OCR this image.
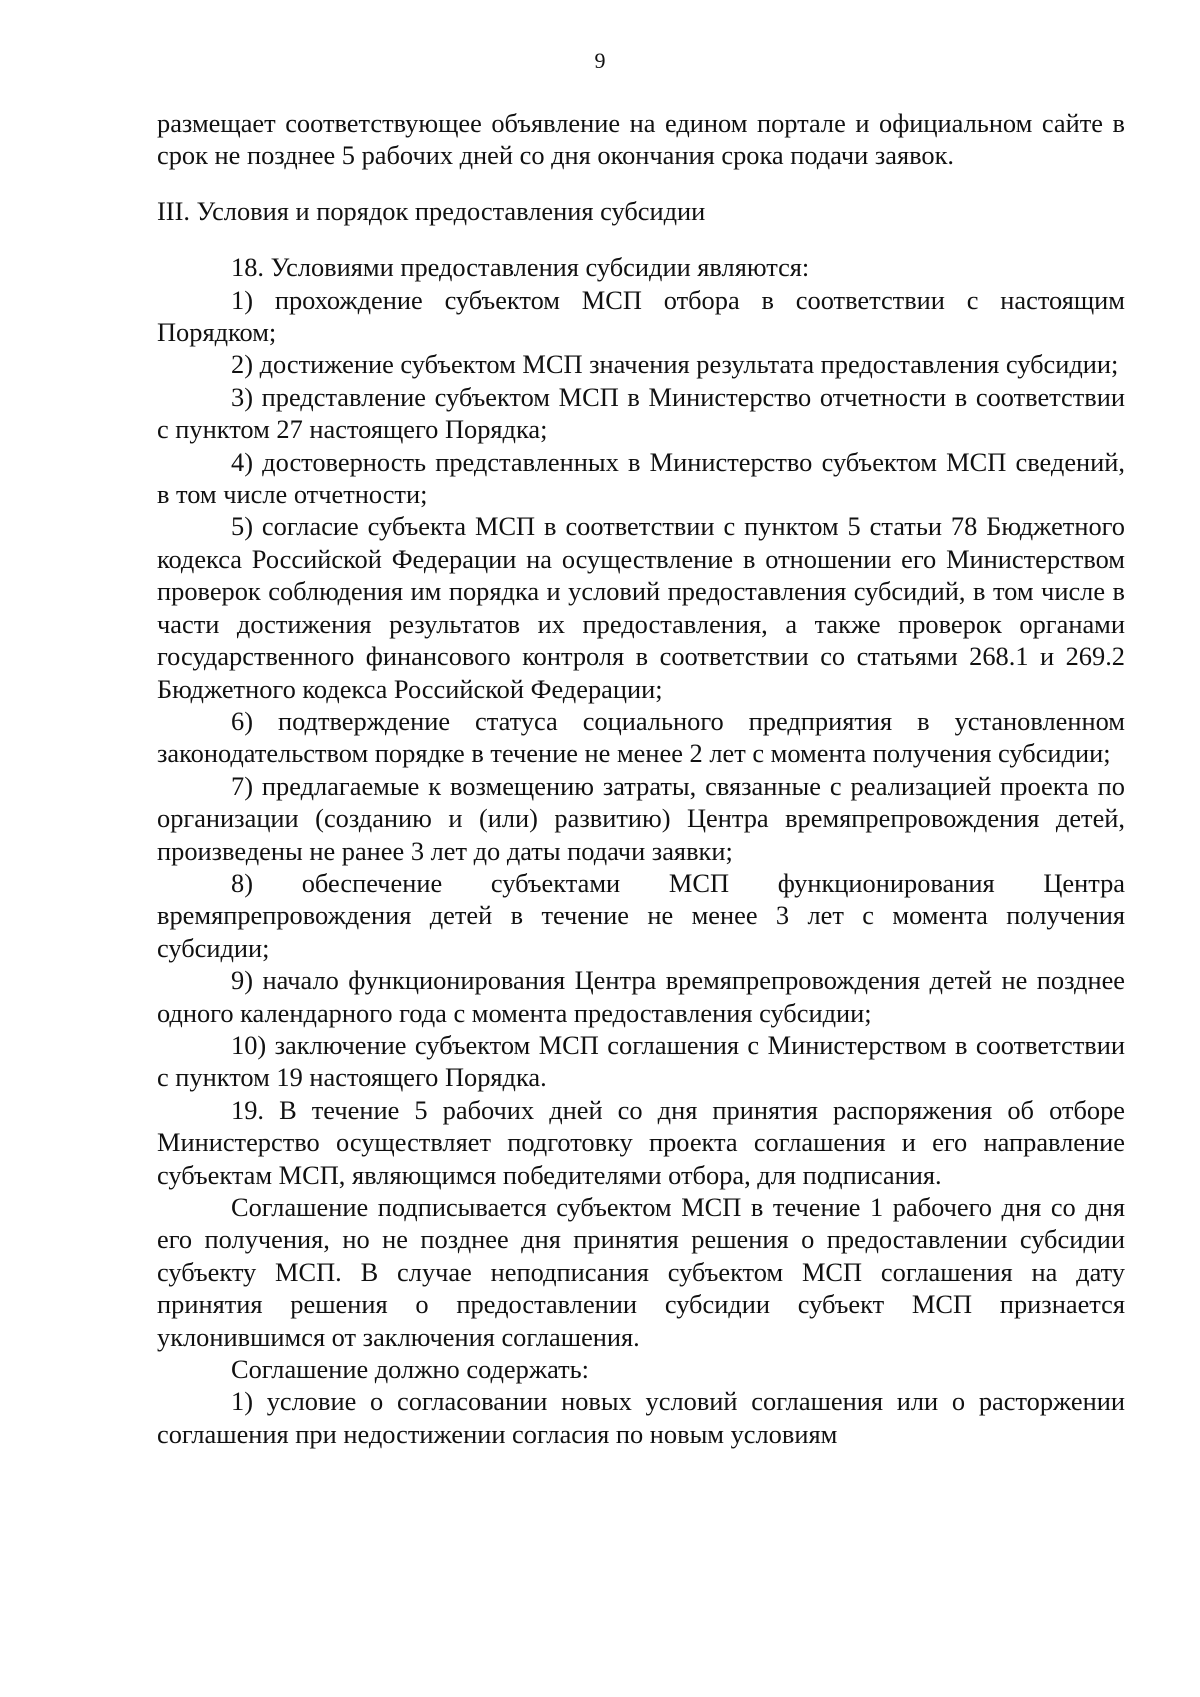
9

размещает соответствующее объявление на едином портале и официальном сайте в срок не позднее 5 рабочих дней со дня окончания срока подачи заявок.

III. Условия и порядок предоставления субсидии

18. Условиями предоставления субсидии являются:

1) прохождение субъектом МСП отбора в соответствии с настоящим Порядком;

2) достижение субъектом МСП значения результата предоставления субсидии;

3) представление субъектом МСП в Министерство отчетности в соответствии с пунктом 27 настоящего Порядка;

4) достоверность представленных в Министерство субъектом МСП сведений, в том числе отчетности;

5) согласие субъекта МСП в соответствии с пунктом 5 статьи 78 Бюджетного кодекса Российской Федерации на осуществление в отношении его Министерством проверок соблюдения им порядка и условий предоставления субсидий, в том числе в части достижения результатов их предоставления, а также проверок органами государственного финансового контроля в соответствии со статьями 268.1 и 269.2 Бюджетного кодекса Российской Федерации;

6) подтверждение статуса социального предприятия в установленном законодательством порядке в течение не менее 2 лет с момента получения субсидии;

7) предлагаемые к возмещению затраты, связанные с реализацией проекта по организации (созданию и (или) развитию) Центра времяпрепровождения детей, произведены не ранее 3 лет до даты подачи заявки;

8) обеспечение субъектами МСП функционирования Центра времяпрепровождения детей в течение не менее 3 лет с момента получения субсидии;

9) начало функционирования Центра времяпрепровождения детей не позднее одного календарного года с момента предоставления субсидии;

10) заключение субъектом МСП соглашения с Министерством в соответствии с пунктом 19 настоящего Порядка.

19. В течение 5 рабочих дней со дня принятия распоряжения об отборе Министерство осуществляет подготовку проекта соглашения и его направление субъектам МСП, являющимся победителями отбора, для подписания.

Соглашение подписывается субъектом МСП в течение 1 рабочего дня со дня его получения, но не позднее дня принятия решения о предоставлении субсидии субъекту МСП. В случае неподписания субъектом МСП соглашения на дату принятия решения о предоставлении субсидии субъект МСП признается уклонившимся от заключения соглашения.

Соглашение должно содержать:

1) условие о согласовании новых условий соглашения или о расторжении соглашения при недостижении согласия по новым условиям
